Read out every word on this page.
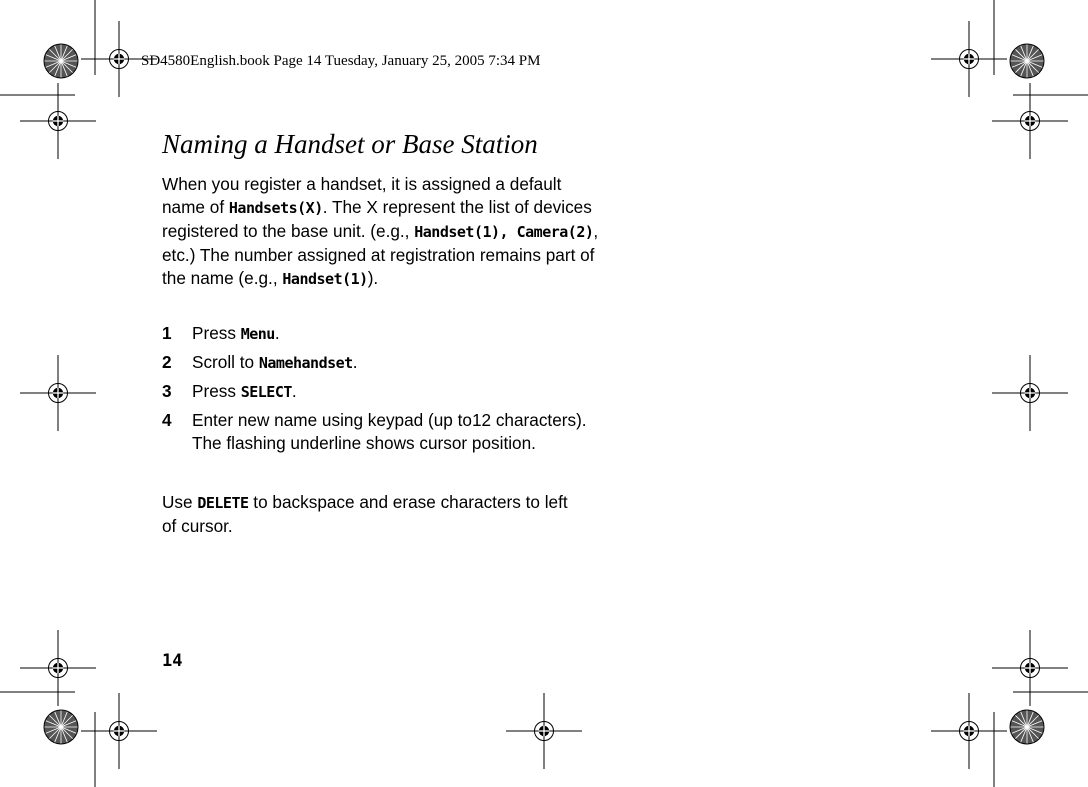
SD4580English.book Page 14 Tuesday, January 25, 2005 7:34 PM
Naming a Handset or Base Station
When you register a handset, it is assigned a default
name of Handsets(X). The X represent the list of devices
registered to the base unit. (e.g., Handset(1), Camera(2),
etc.) The number assigned at registration remains part of
the name (e.g., Handset(1)).
1 Press Menu.
2 Scroll to Namehandset.
3 Press SELECT.
4 Enter new name using keypad (up to12 characters).
The flashing underline shows cursor position.
Use DELETE to backspace and erase characters to left
of cursor.
14
